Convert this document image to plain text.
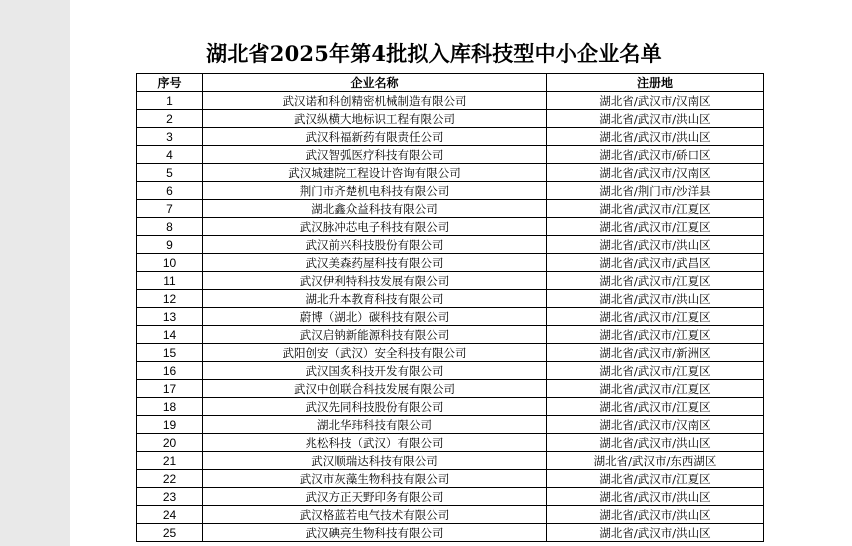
湖北省2025年第4批拟入库科技型中小企业名单
序号	企业名称	注册地
1	武汉诺和科创精密机械制造有限公司	湖北省/武汉市/汉南区
2	武汉纵横大地标识工程有限公司	湖北省/武汉市/洪山区
3	武汉科福新药有限责任公司	湖北省/武汉市/洪山区
4	武汉智弧医疗科技有限公司	湖北省/武汉市/硚口区
5	武汉城建院工程设计咨询有限公司	湖北省/武汉市/汉南区
6	荆门市齐楚机电科技有限公司	湖北省/荆门市/沙洋县
7	湖北鑫众益科技有限公司	湖北省/武汉市/江夏区
8	武汉脉冲芯电子科技有限公司	湖北省/武汉市/江夏区
9	武汉前兴科技股份有限公司	湖北省/武汉市/洪山区
10	武汉美森药屋科技有限公司	湖北省/武汉市/武昌区
11	武汉伊利特科技发展有限公司	湖北省/武汉市/江夏区
12	湖北升本教育科技有限公司	湖北省/武汉市/洪山区
13	蔚博（湖北）碳科技有限公司	湖北省/武汉市/江夏区
14	武汉启钠新能源科技有限公司	湖北省/武汉市/江夏区
15	武阳创安（武汉）安全科技有限公司	湖北省/武汉市/新洲区
16	武汉国炙科技开发有限公司	湖北省/武汉市/江夏区
17	武汉中创联合科技发展有限公司	湖北省/武汉市/江夏区
18	武汉先同科技股份有限公司	湖北省/武汉市/江夏区
19	湖北华玮科技有限公司	湖北省/武汉市/汉南区
20	兆松科技（武汉）有限公司	湖北省/武汉市/洪山区
21	武汉顺瑞达科技有限公司	湖北省/武汉市/东西湖区
22	武汉市灰藻生物科技有限公司	湖北省/武汉市/江夏区
23	武汉方正天野印务有限公司	湖北省/武汉市/洪山区
24	武汉格蓝若电气技术有限公司	湖北省/武汉市/洪山区
25	武汉碘亮生物科技有限公司	湖北省/武汉市/洪山区
